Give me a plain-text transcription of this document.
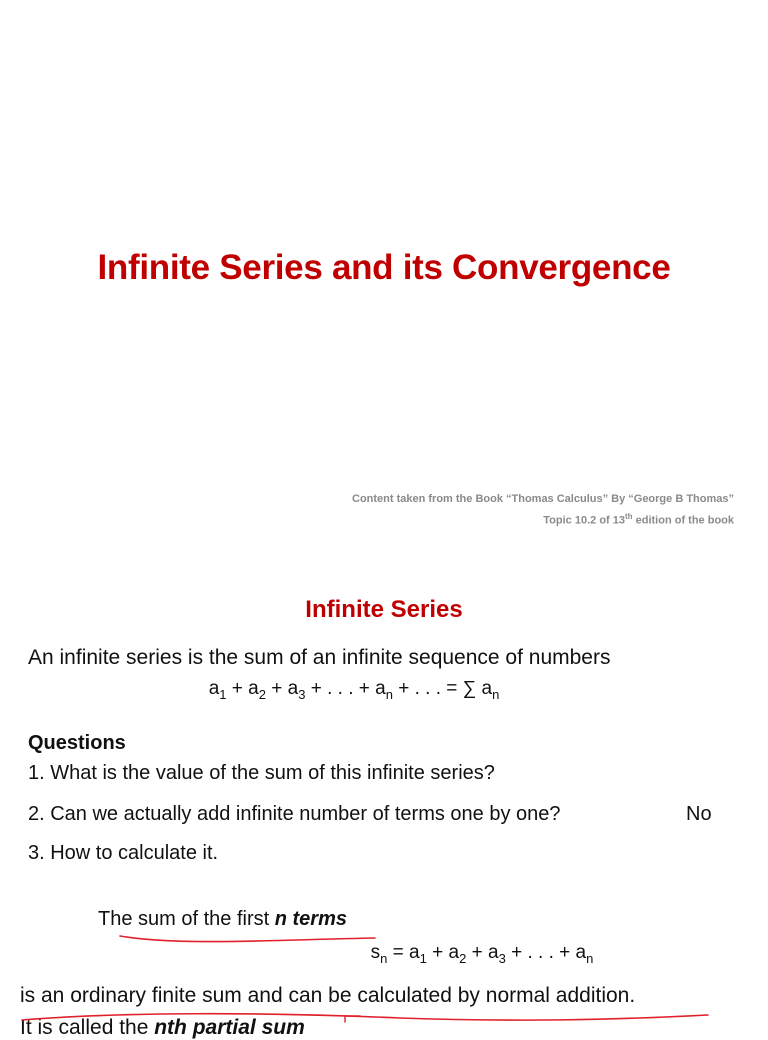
Infinite Series and its Convergence
Content taken from the Book “Thomas Calculus” By “George B Thomas”
Topic 10.2 of 13th edition of the book
Infinite Series
An infinite series is the sum of an infinite sequence of numbers
$a_1 + a_2 + a_3$ + . . . + $a_n$ + . . . = ∑ $a_n$
Questions
1. What is the value of the sum of this infinite series?
2. Can we actually add infinite number of terms one by one?
3. How to calculate it.
No
The sum of the first n terms
$s_n = a_1 + a_2 + a_3$ + . . . + $a_n$
is an ordinary finite sum and can be calculated by normal addition.
It is called the nth partial sum
